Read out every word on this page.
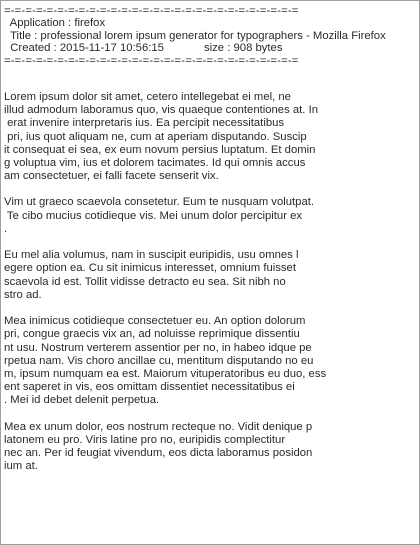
=-=-=-=-=-=-=-=-=-=-=-=-=-=-=-=-=-=-=-=-=-=-=-=-=-=-=-=
Application : firefox
Title : professional lorem ipsum generator for typographers - Mozilla Firefox
Created : 2015-11-17 10:56:15	size : 908 bytes
=-=-=-=-=-=-=-=-=-=-=-=-=-=-=-=-=-=-=-=-=-=-=-=-=-=-=-=
Lorem ipsum dolor sit amet, cetero intellegebat ei mel, ne
illud admodum laboramus quo, vis quaeque contentiones at. In
erat invenire interpretaris ius. Ea percipit necessitatibus
pri, ius quot aliquam ne, cum at aperiam disputando. Suscip
it consequat ei sea, ex eum novum persius luptatum. Et domin
g voluptua vim, ius et dolorem tacimates. Id qui omnis accus
am consectetuer, ei falli facete senserit vix.
Vim ut graeco scaevola consetetur. Eum te nusquam volutpat.
Te cibo mucius cotidieque vis. Mei unum dolor percipitur ex
.
Eu mel alia volumus, nam in suscipit euripidis, usu omnes l
egere option ea. Cu sit inimicus interesset, omnium fuisset
scaevola id est. Tollit vidisse detracto eu sea. Sit nibh no
stro ad.
Mea inimicus cotidieque consectetuer eu. An option dolorum
pri, congue graecis vix an, ad noluisse reprimique dissentiu
nt usu. Nostrum verterem assentior per no, in habeo idque pe
rpetua nam. Vis choro ancillae cu, mentitum disputando no eu
m, ipsum numquam ea est. Maiorum vituperatoribus eu duo, ess
ent saperet in vis, eos omittam dissentiet necessitatibus ei
. Mei id debet delenit perpetua.
Mea ex unum dolor, eos nostrum recteque no. Vidit denique p
latonem eu pro. Viris latine pro no, euripidis complectitur
nec an. Per id feugiat vivendum, eos dicta laboramus posidon
ium at.
